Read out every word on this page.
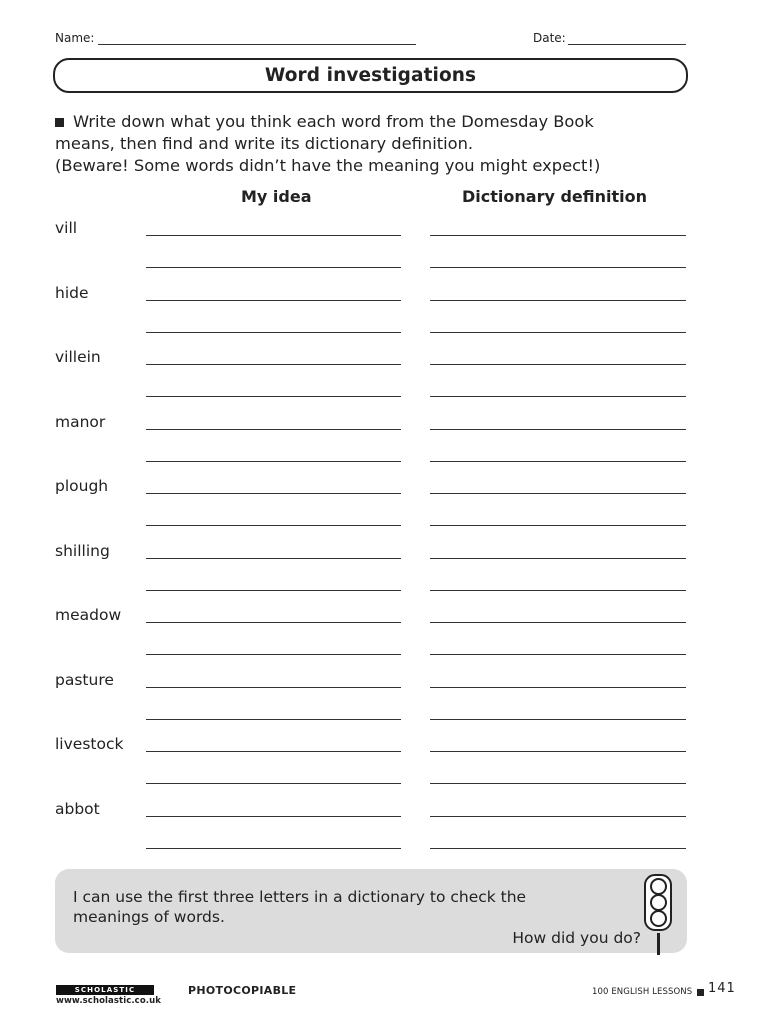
Name:	Date:
Word investigations

Write down what you think each word from the Domesday Book

means, then find and write its dictionary definition.

(Beware! Some words didn’t have the meaning you might expect!)

My idea	Dictionary definition
vill
hide
villein
manor
plough
shilling
meadow
pasture
livestock
abbot
I can use the first three letters in a dictionary to check the
meanings of words.
How did you do?
SCHOLASTIC
www.scholastic.co.uk
PHOTOCOPIABLE	100 ENGLISH LESSONS 141
